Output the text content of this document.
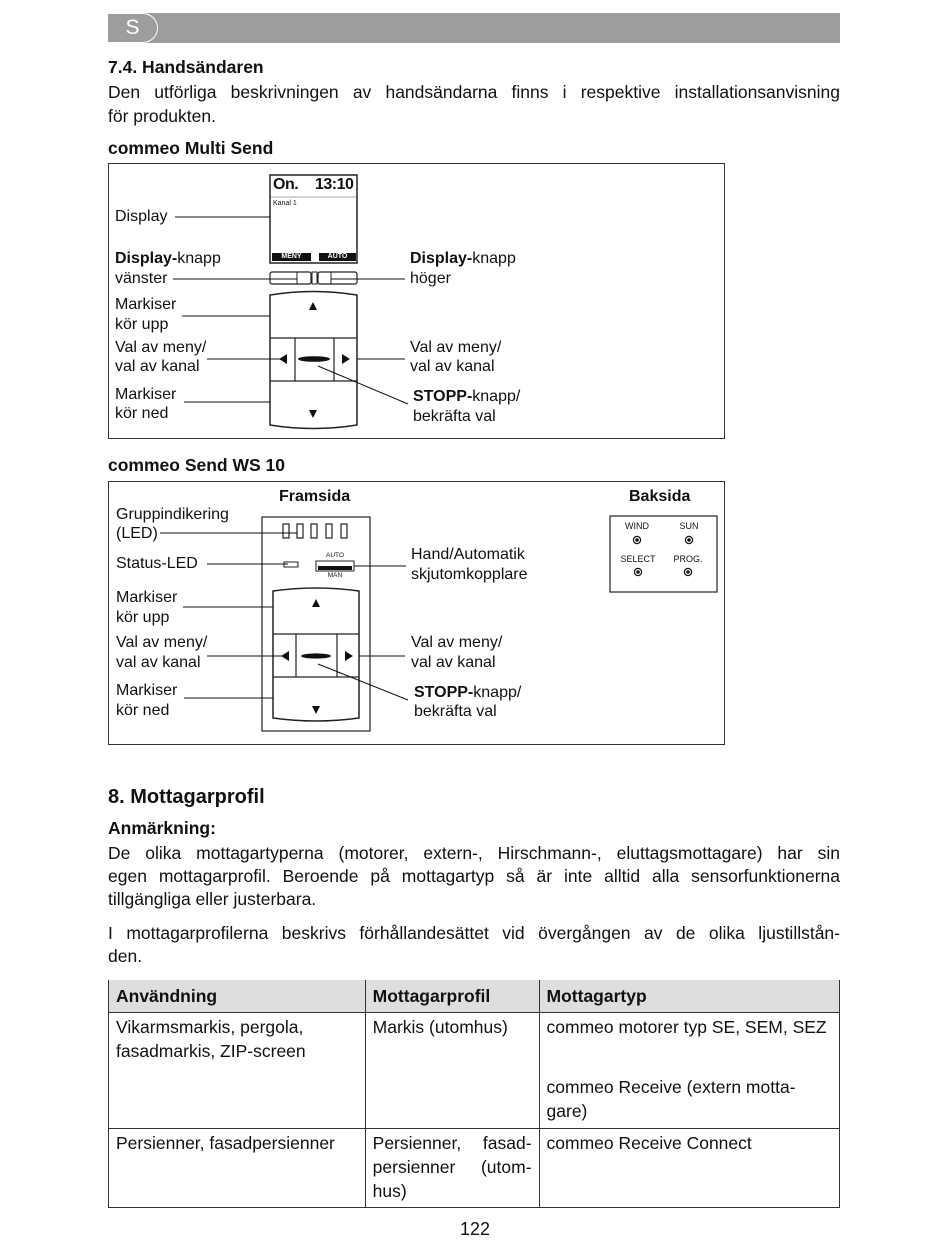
S
7.4. Handsändaren
Den utförliga beskrivningen av handsändarna finns i respektive installationsanvisning
för produkten.
commeo Multi Send
On. 13:10
Kanal 1
MENY	AUTO
Display
Display-knapp
vänster
Display-knapp
höger
Markiser
kör upp
Val av meny/
val av kanal
Val av meny/
val av kanal
Markiser
kör ned
STOPP-knapp/
bekräfta val
commeo Send WS 10
Framsida	Baksida
AUTO
MAN
Gruppindikering
(LED)
Status-LED
Hand/Automatik
skjutomkopplare
Markiser
kör upp
Val av meny/
val av kanal
Val av meny/
val av kanal
Markiser
kör ned
STOPP-knapp/
bekräfta val
WIND	SUN
SELECT	PROG.
8. Mottagarprofil
Anmärkning:
De olika mottagartyperna (motorer, extern-, Hirschmann-, eluttagsmottagare) har sin
egen mottagarprofil. Beroende på mottagartyp så är inte alltid alla sensorfunktionerna
tillgängliga eller justerbara.
I mottagarprofilerna beskrivs förhållandesättet vid övergången av de olika ljustillstån-
den.
Användning	Mottagarprofil	Mottagartyp
Vikarmsmarkis, pergola, fasadmarkis, ZIP-screen	Markis (utomhus)	commeo motorer typ SE, SEM, SEZ
		commeo Receive (extern motta-gare)
Persienner, fasadpersienner	Persienner, fasad-persienner (utom-hus)	commeo Receive Connect
122
